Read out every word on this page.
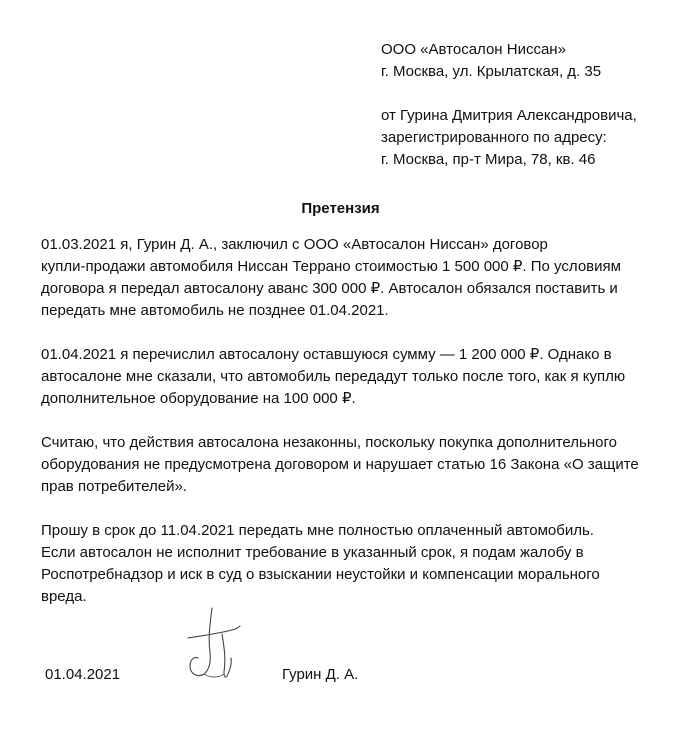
ООО «Автосалон Ниссан»
г. Москва, ул. Крылатская, д. 35
от Гурина Дмитрия Александровича,
зарегистрированного по адресу:
г. Москва, пр-т Мира, 78, кв. 46
Претензия

01.03.2021 я, Гурин Д. А., заключил с ООО «Автосалон Ниссан» договор
купли-продажи автомобиля Ниссан Террано стоимостью 1 500 000 ₽. По условиям
договора я передал автосалону аванс 300 000 ₽. Автосалон обязался поставить и
передать мне автомобиль не позднее 01.04.2021.

01.04.2021 я перечислил автосалону оставшуюся сумму — 1 200 000 ₽. Однако в
автосалоне мне сказали, что автомобиль передадут только после того, как я куплю
дополнительное оборудование на 100 000 ₽.

Считаю, что действия автосалона незаконны, поскольку покупка дополнительного
оборудования не предусмотрена договором и нарушает статью 16 Закона «О защите
прав потребителей».

Прошу в срок до 11.04.2021 передать мне полностью оплаченный автомобиль.
Если автосалон не исполнит требование в указанный срок, я подам жалобу в
Роспотребнадзор и иск в суд о взыскании неустойки и компенсации морального
вреда.

01.04.2021	Гурин Д. А.
